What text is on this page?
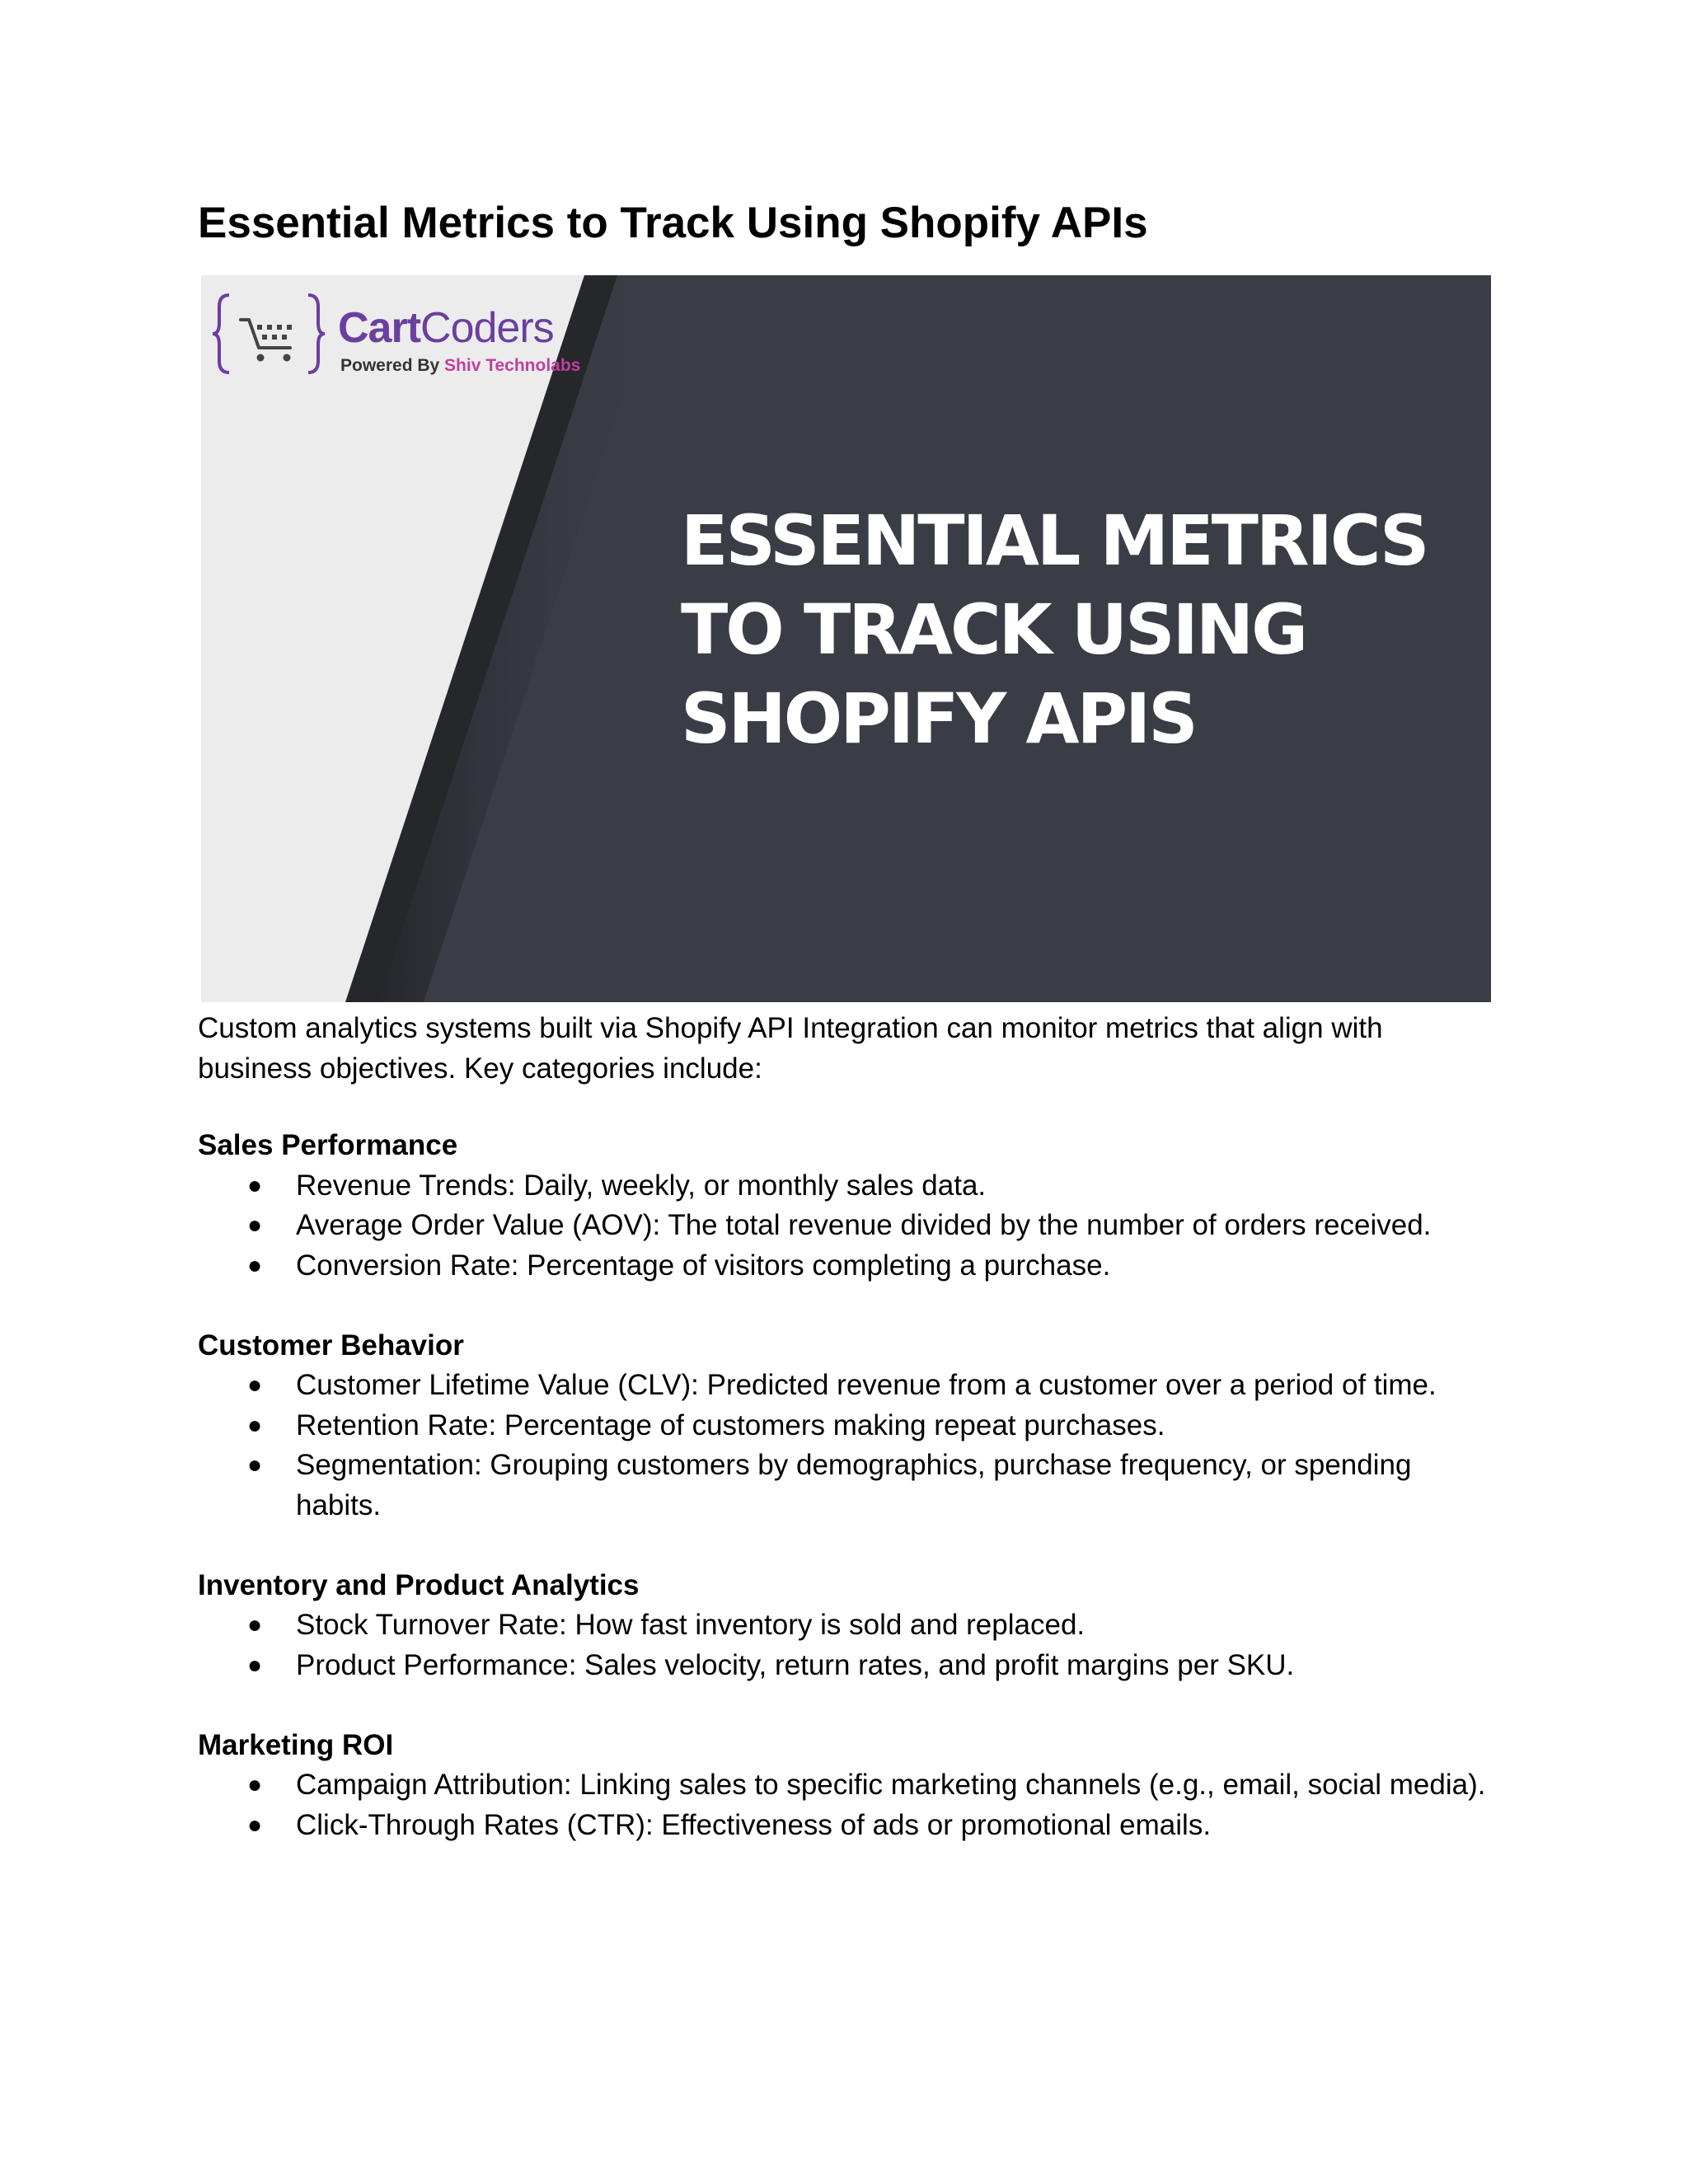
Essential Metrics to Track Using Shopify APIs
CartCoders
Powered By Shiv Technolabs
ESSENTIAL METRICS
TO TRACK USING
SHOPIFY APIS

Custom analytics systems built via Shopify API Integration can monitor metrics that align with business objectives. Key categories include:

Sales Performance
● Revenue Trends: Daily, weekly, or monthly sales data.
● Average Order Value (AOV): The total revenue divided by the number of orders received.
● Conversion Rate: Percentage of visitors completing a purchase.
Customer Behavior
● Customer Lifetime Value (CLV): Predicted revenue from a customer over a period of time.
● Retention Rate: Percentage of customers making repeat purchases.
● Segmentation: Grouping customers by demographics, purchase frequency, or spending habits.
Inventory and Product Analytics
● Stock Turnover Rate: How fast inventory is sold and replaced.
● Product Performance: Sales velocity, return rates, and profit margins per SKU.
Marketing ROI
● Campaign Attribution: Linking sales to specific marketing channels (e.g., email, social media).
● Click-Through Rates (CTR): Effectiveness of ads or promotional emails.
